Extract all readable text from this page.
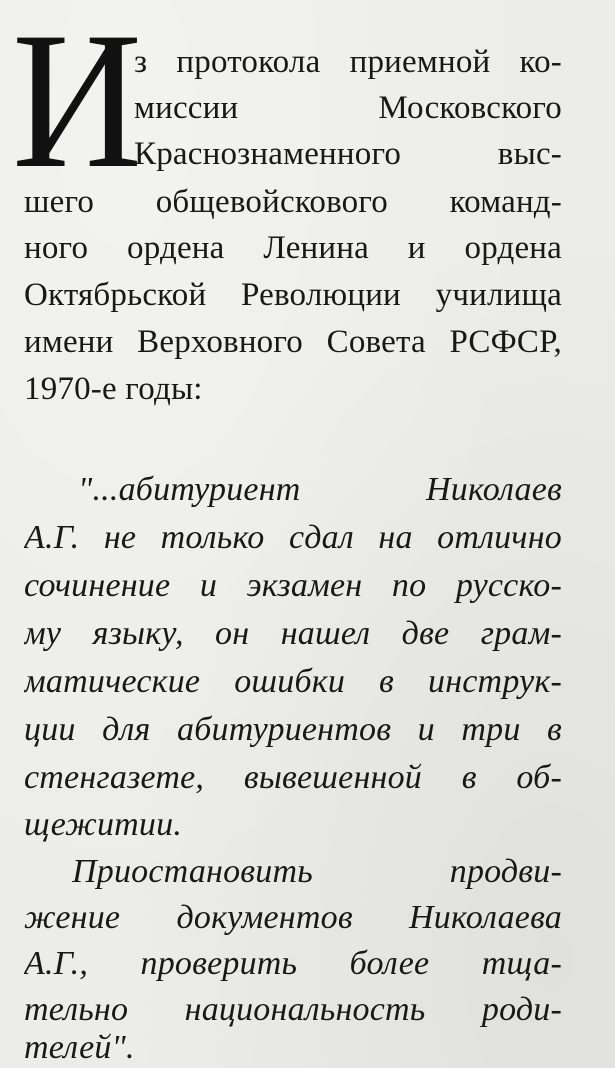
И
з протокола приемной ко-
миссии Московского
Краснознаменного выс-
шего общевойскового команд-
ного ордена Ленина и ордена
Октябрьской Революции училища
имени Верховного Совета РСФСР,
1970-е годы:
"...абитуриент Николаев
А.Г. не только сдал на отлично
сочинение и экзамен по русско-
му языку, он нашел две грам-
матические ошибки в инструк-
ции для абитуриентов и три в
стенгазете, вывешенной в об-
щежитии.
Приостановить продви-
жение документов Николаева
А.Г., проверить более тща-
тельно национальность роди-
телей".
